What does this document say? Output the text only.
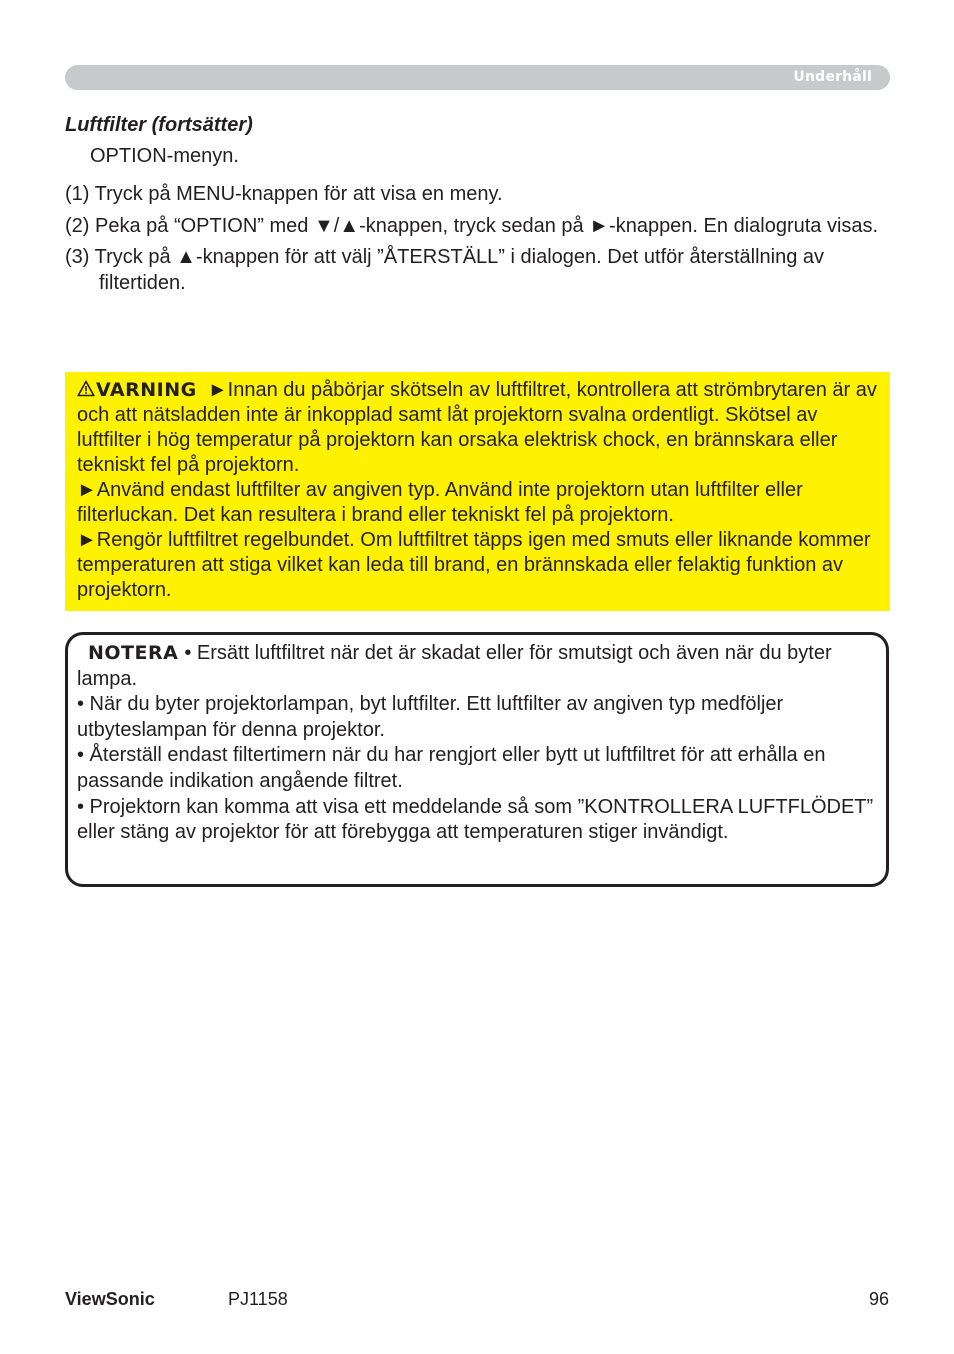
Underhåll
Luftfilter (fortsätter)
OPTION-menyn.
(1) Tryck på MENU-knappen för att visa en meny.
(2) Peka på “OPTION” med ▼/▲-knappen, tryck sedan på ►-knappen. En dialogruta visas.
(3) Tryck på ▲-knappen för att välj ”ÅTERSTÄLL” i dialogen. Det utför återställning av filtertiden.

VARNING ►Innan du påbörjar skötseln av luftfiltret, kontrollera att strömbrytaren är av och att nätsladden inte är inkopplad samt låt projektorn svalna ordentligt. Skötsel av luftfilter i hög temperatur på projektorn kan orsaka elektrisk chock, en brännskara eller tekniskt fel på projektorn.

►Använd endast luftfilter av angiven typ. Använd inte projektorn utan luftfilter eller filterluckan. Det kan resultera i brand eller tekniskt fel på projektorn.

►Rengör luftfiltret regelbundet. Om luftfiltret täpps igen med smuts eller liknande kommer temperaturen att stiga vilket kan leda till brand, en brännskada eller felaktig funktion av projektorn.

NOTERA • Ersätt luftfiltret när det är skadat eller för smutsigt och även när du byter lampa.

• När du byter projektorlampan, byt luftfilter. Ett luftfilter av angiven typ medföljer utbyteslampan för denna projektor.

• Återställ endast filtertimern när du har rengjort eller bytt ut luftfiltret för att erhålla en passande indikation angående filtret.

• Projektorn kan komma att visa ett meddelande så som ”KONTROLLERA LUFTFLÖDET” eller stäng av projektor för att förebygga att temperaturen stiger invändigt.

ViewSonic	PJ1158	96
